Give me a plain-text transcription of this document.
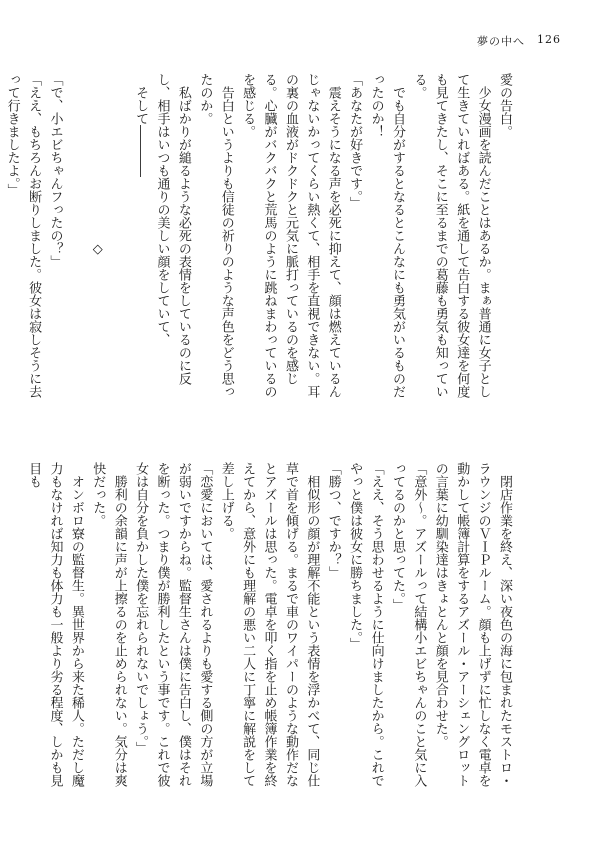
夢の中へ 126

愛の告白。

　少女漫画を読んだことはあるか。まぁ普通に女子として生きていればある。紙を通して告白する彼女達を何度も見てきたし、そこに至るまでの葛藤も勇気も知っている。

　でも自分がするとなるとこんなにも勇気がいるものだったのか！

「あなたが好きです。」

　震えそうになる声を必死に抑えて、顔は燃えているんじゃないかってくらい熱くて、相手を直視できない。耳の裏の血液がドクドクと元気に脈打っているのを感じる。心臓がバクバクと荒馬のように跳ねまわっているのを感じる。

　告白というよりも信徒の祈りのような声色をどう思ったのか。

　私ばかりが縋るような必死の表情をしているのに反し、相手はいつも通りの美しい顔をしていて、

　そして――――

◇

「で、小エビちゃんフったの？」

「ええ、もちろんお断りしました。彼女は寂しそうに去って行きましたよ。」

　閉店作業を終え、深い夜色の海に包まれたモストロ・ラウンジのＶＩＰルーム。顔も上げずに忙しなく電卓を動かして帳簿計算をするアズール・アーシェングロットの言葉に幼馴染達はきょとんと顔を見合わせた。

「意外～。アズールって結構小エビちゃんのこと気に入ってるのかと思ってた。」

「ええ、そう思わせるように仕向けましたから。これでやっと僕は彼女に勝ちました。」

「勝つ、ですか？」

　相似形の顔が理解不能という表情を浮かべて、同じ仕草で首を傾げる。まるで車のワイパーのような動作だなとアズールは思った。電卓を叩く指を止め帳簿作業を終えてから、意外にも理解の悪い二人に丁寧に解説をして差し上げる。

「恋愛においては、愛されるよりも愛する側の方が立場が弱いですからね。監督生さんは僕に告白し、僕はそれを断った。つまり僕が勝利したという事です。これで彼女は自分を負かした僕を忘れられないでしょう。」

　勝利の余韻に声が上擦るのを止められない。気分は爽快だった。

　オンボロ寮の監督生。異世界から来た稀人。ただし魔力もなければ知力も体力も一般より劣る程度、しかも見目も
